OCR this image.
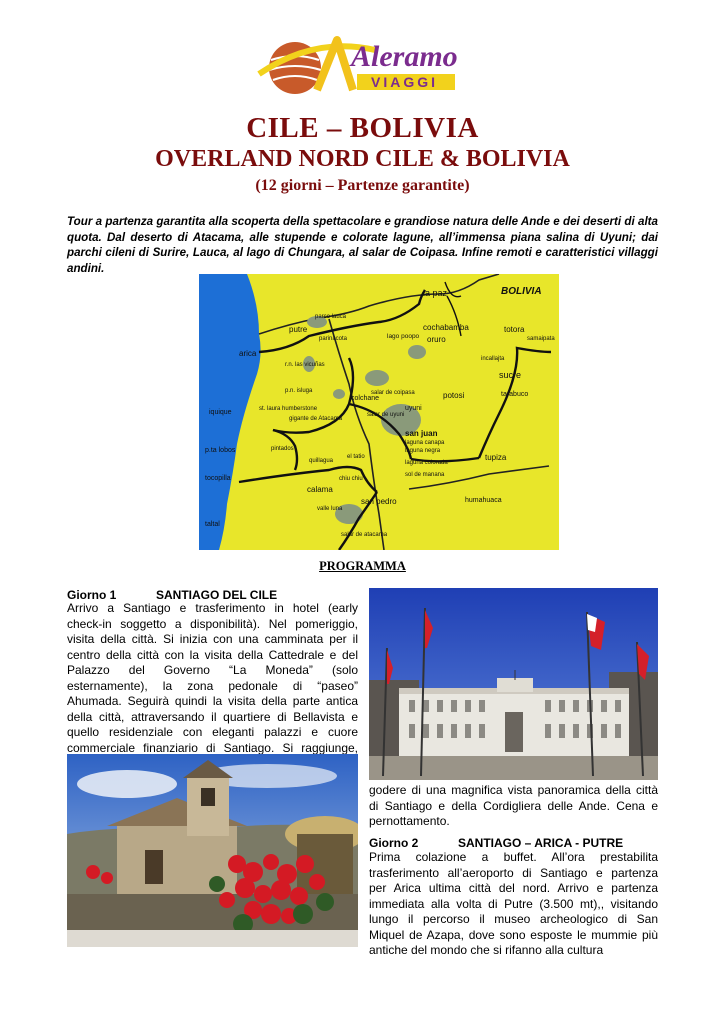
Aleramo
VIAGGI
CILE – BOLIVIA
OVERLAND NORD CILE & BOLIVIA
(12 giorni – Partenze garantite)
Tour a partenza garantita alla scoperta della spettacolare e grandiose natura delle Ande e dei deserti di alta quota. Dal deserto di Atacama, alle stupende e colorate lagune, all’immensa piana salina di Uyuni; dai parchi cileni di Surire, Lauca, al lago di Chungara, al salar de Coipasa. Infine remoti e caratteristici villaggi andini.
BOLIVIA
la paz
cochabamba	totora
oruro
lago poopo	samaipata
parco lauca
putre
parinacota
arica
r.n. las vicuñas
incallajta
sucre
salar de coipasa	potosi	tarabuco
p.n. isluga
colchane
uyuni
st. laura humberstone
salar de uyuni
iquique
gigante de Atacama
san juan
laguna canapa
pintados	laguna negra
tupiza
p.ta lobos
quillagua
el tatio
laguna colorada
chiu chiu
sol de manana
tocopilla
calama
san pedro	humahuaca
valle luna
salar de atacama
taltal
PROGRAMMA
Giorno 1	SANTIAGO DEL CILE
Arrivo a Santiago e trasferimento in hotel (early
check-in soggetto a disponibilità). Nel pomeriggio,
visita della città. Si inizia con una camminata per il
centro della città con la visita della Cattedrale e del
Palazzo del Governo “La Moneda” (solo
esternamente), la zona pedonale di “paseo”
Ahumada. Seguirà quindi la visita della parte antica
della città, attraversando il quartiere di Bellavista e
quello residenziale con eleganti palazzi e cuore
commerciale finanziario di Santiago. Si raggiunge,
godere di una magnifica vista panoramica della città
di Santiago e della Cordigliera delle Ande. Cena e
pernottamento.
Giorno 2	SANTIAGO – ARICA - PUTRE
Prima colazione a buffet. All’ora prestabilita
trasferimento all’aeroporto di Santiago e partenza
per Arica ultima città del nord. Arrivo e partenza
immediata alla volta di Putre (3.500 mt),, visitando
lungo il percorso il museo archeologico di San
Miquel de Azapa, dove sono esposte le mummie più
antiche del mondo che si rifanno alla cultura
